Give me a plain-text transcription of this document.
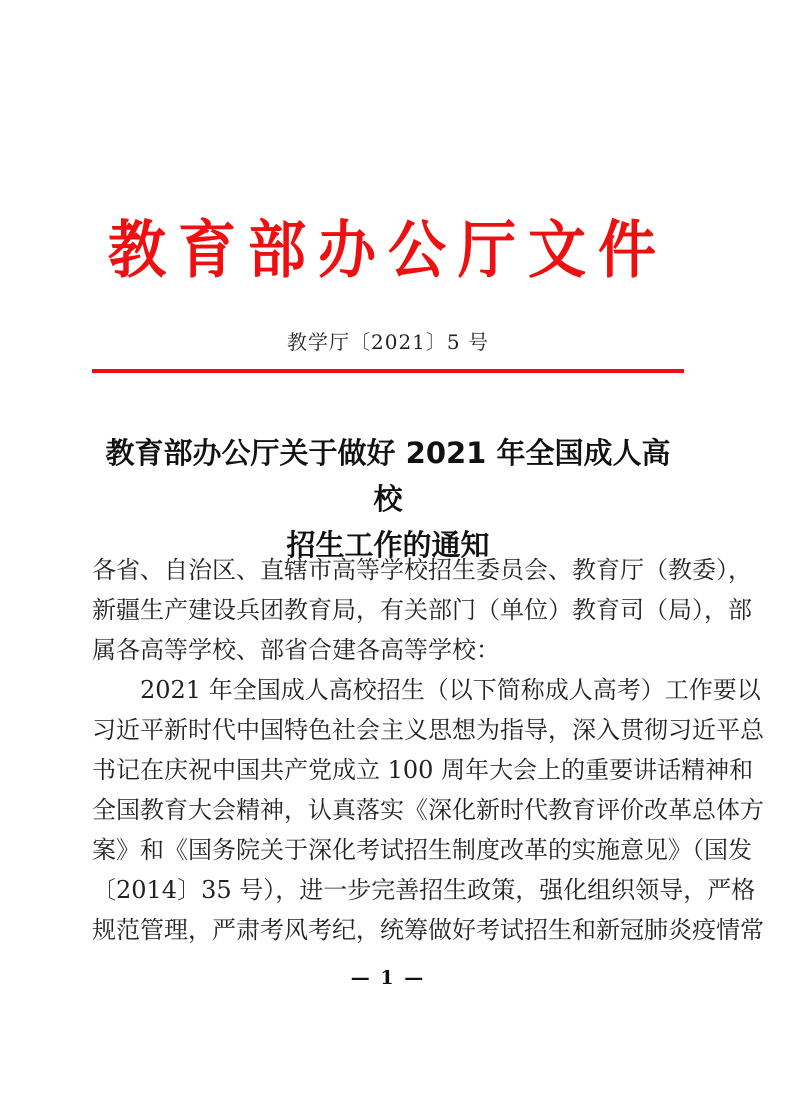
教育部办公厅文件
教学厅〔2021〕5 号
教育部办公厅关于做好 2021 年全国成人高校
招生工作的通知
各省、自治区、直辖市高等学校招生委员会、教育厅（教委），
新疆生产建设兵团教育局，有关部门（单位）教育司（局），部
属各高等学校、部省合建各高等学校：
2021 年全国成人高校招生（以下简称成人高考）工作要以
习近平新时代中国特色社会主义思想为指导，深入贯彻习近平总
书记在庆祝中国共产党成立 100 周年大会上的重要讲话精神和
全国教育大会精神，认真落实《深化新时代教育评价改革总体方
案》和《国务院关于深化考试招生制度改革的实施意见》（国发
〔2014〕35 号），进一步完善招生政策，强化组织领导，严格
规范管理，严肃考风考纪，统筹做好考试招生和新冠肺炎疫情常
— 1 —
